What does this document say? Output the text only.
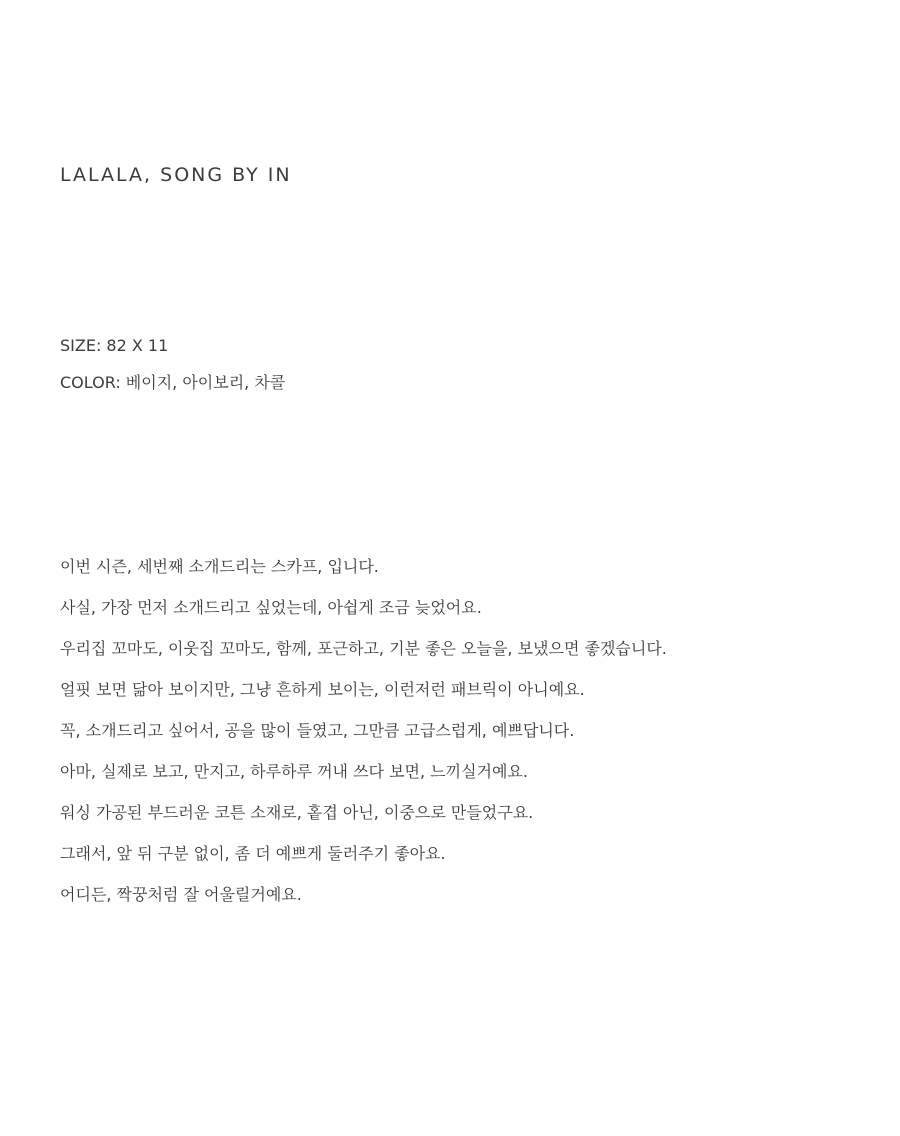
LALALA, SONG BY IN
SIZE: 82 X 11
COLOR: 베이지, 아이보리, 차콜
이번 시즌, 세번째 소개드리는 스카프, 입니다.
사실, 가장 먼저 소개드리고 싶었는데, 아쉽게 조금 늦었어요.
우리집 꼬마도, 이웃집 꼬마도, 함께, 포근하고, 기분 좋은 오늘을, 보냈으면 좋겠습니다.
얼핏 보면 닮아 보이지만, 그냥 흔하게 보이는, 이런저런 패브릭이 아니예요.
꼭, 소개드리고 싶어서, 공을 많이 들였고, 그만큼 고급스럽게, 예쁘답니다.
아마, 실제로 보고, 만지고, 하루하루 꺼내 쓰다 보면, 느끼실거예요.
워싱 가공된 부드러운 코튼 소재로, 홑겹 아닌, 이중으로 만들었구요.
그래서, 앞 뒤 구분 없이, 좀 더 예쁘게 둘러주기 좋아요.
어디든, 짝꿍처럼 잘 어울릴거예요.
